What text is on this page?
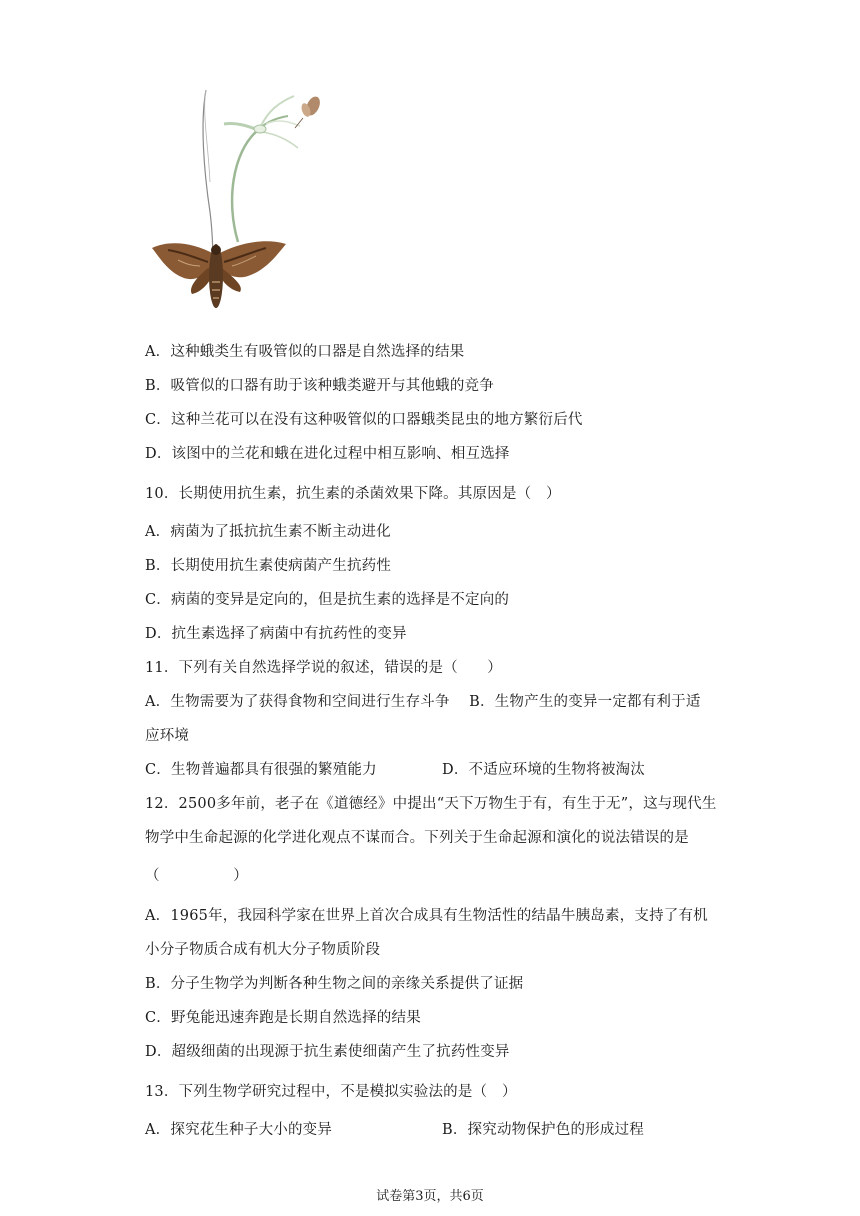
A．这种蛾类生有吸管似的口器是自然选择的结果
B．吸管似的口器有助于该种蛾类避开与其他蛾的竞争
C．这种兰花可以在没有这种吸管似的口器蛾类昆虫的地方繁衍后代
D．该图中的兰花和蛾在进化过程中相互影响、相互选择
10．长期使用抗生素，抗生素的杀菌效果下降。其原因是（　）
A．病菌为了抵抗抗生素不断主动进化
B．长期使用抗生素使病菌产生抗药性
C．病菌的变异是定向的，但是抗生素的选择是不定向的
D．抗生素选择了病菌中有抗药性的变异
11．下列有关自然选择学说的叙述，错误的是（　　）
A．生物需要为了获得食物和空间进行生存斗争　 B．生物产生的变异一定都有利于适
应环境
C．生物普遍都具有很强的繁殖能力	D．不适应环境的生物将被淘汰
12．2500多年前，老子在《道德经》中提出“天下万物生于有，有生于无”，这与现代生
物学中生命起源的化学进化观点不谋而合。下列关于生命起源和演化的说法错误的是
（　　　　　）
A．1965年，我园科学家在世界上首次合成具有生物活性的结晶牛胰岛素，支持了有机
小分子物质合成有机大分子物质阶段
B．分子生物学为判断各种生物之间的亲缘关系提供了证据
C．野兔能迅速奔跑是长期自然选择的结果
D．超级细菌的出现源于抗生素使细菌产生了抗药性变异
13．下列生物学研究过程中，不是模拟实验法的是（　）
A．探究花生种子大小的变异	B．探究动物保护色的形成过程
试卷第3页，共6页
